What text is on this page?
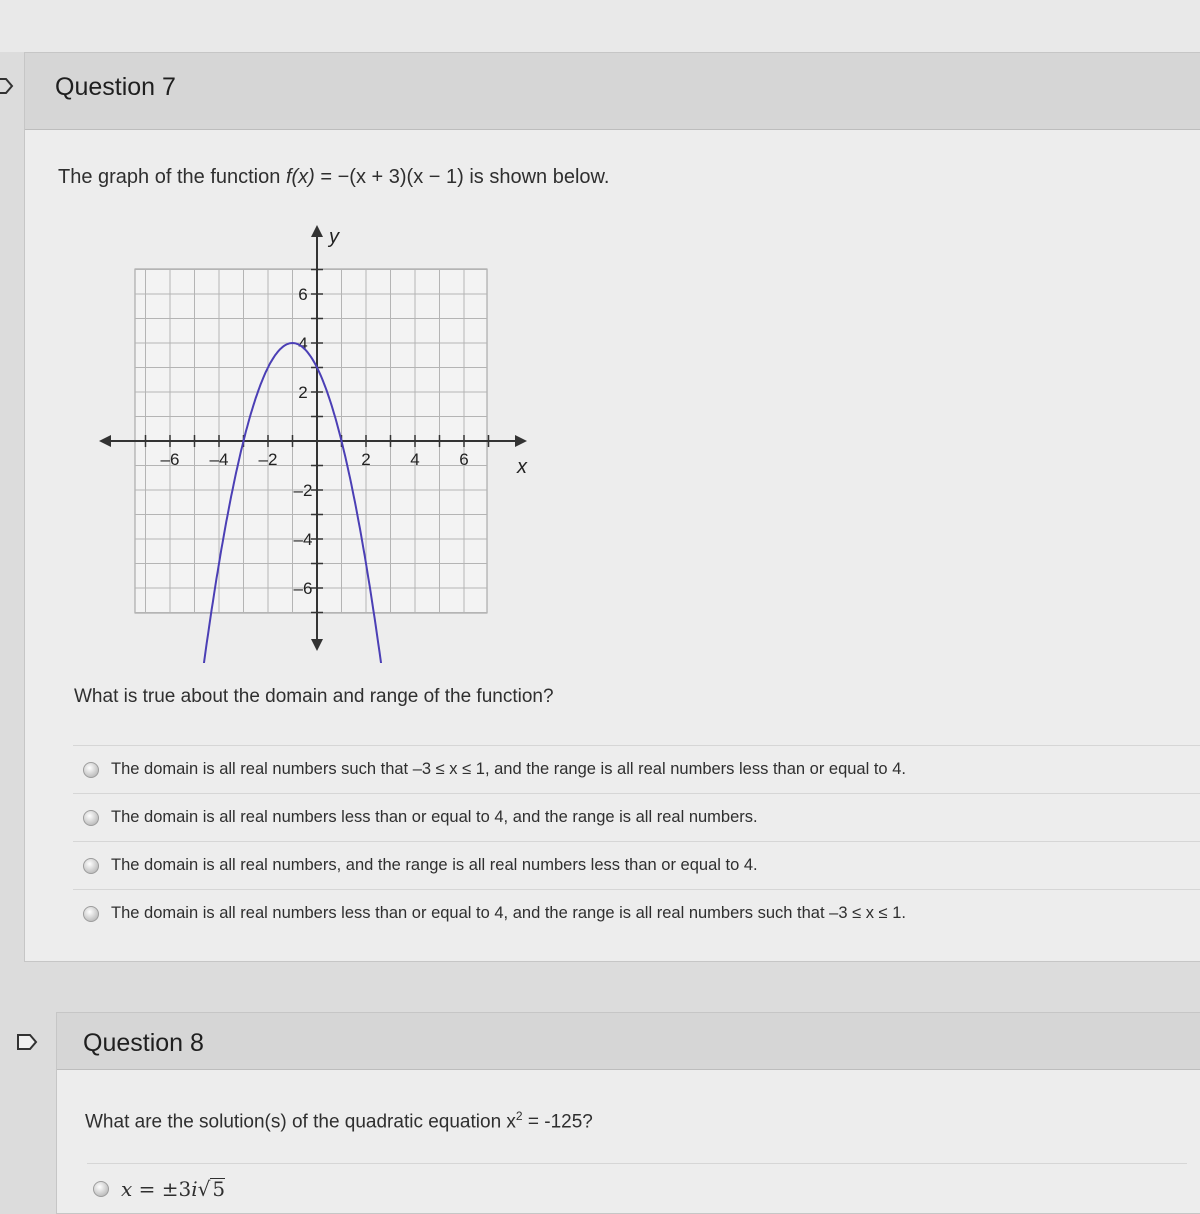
Question 7
The graph of the function f(x) = −(x + 3)(x − 1) is shown below.
y
x
–6 –4 –2	2 4 6
6
4
2
–2
–4
–6
What is true about the domain and range of the function?
The domain is all real numbers such that –3 ≤ x ≤ 1, and the range is all real numbers less than or equal to 4.
The domain is all real numbers less than or equal to 4, and the range is all real numbers.
The domain is all real numbers, and the range is all real numbers less than or equal to 4.
The domain is all real numbers less than or equal to 4, and the range is all real numbers such that –3 ≤ x ≤ 1.
Question 8
What are the solution(s) of the quadratic equation $x^2 = -125$?
x = ±3i√ 5
